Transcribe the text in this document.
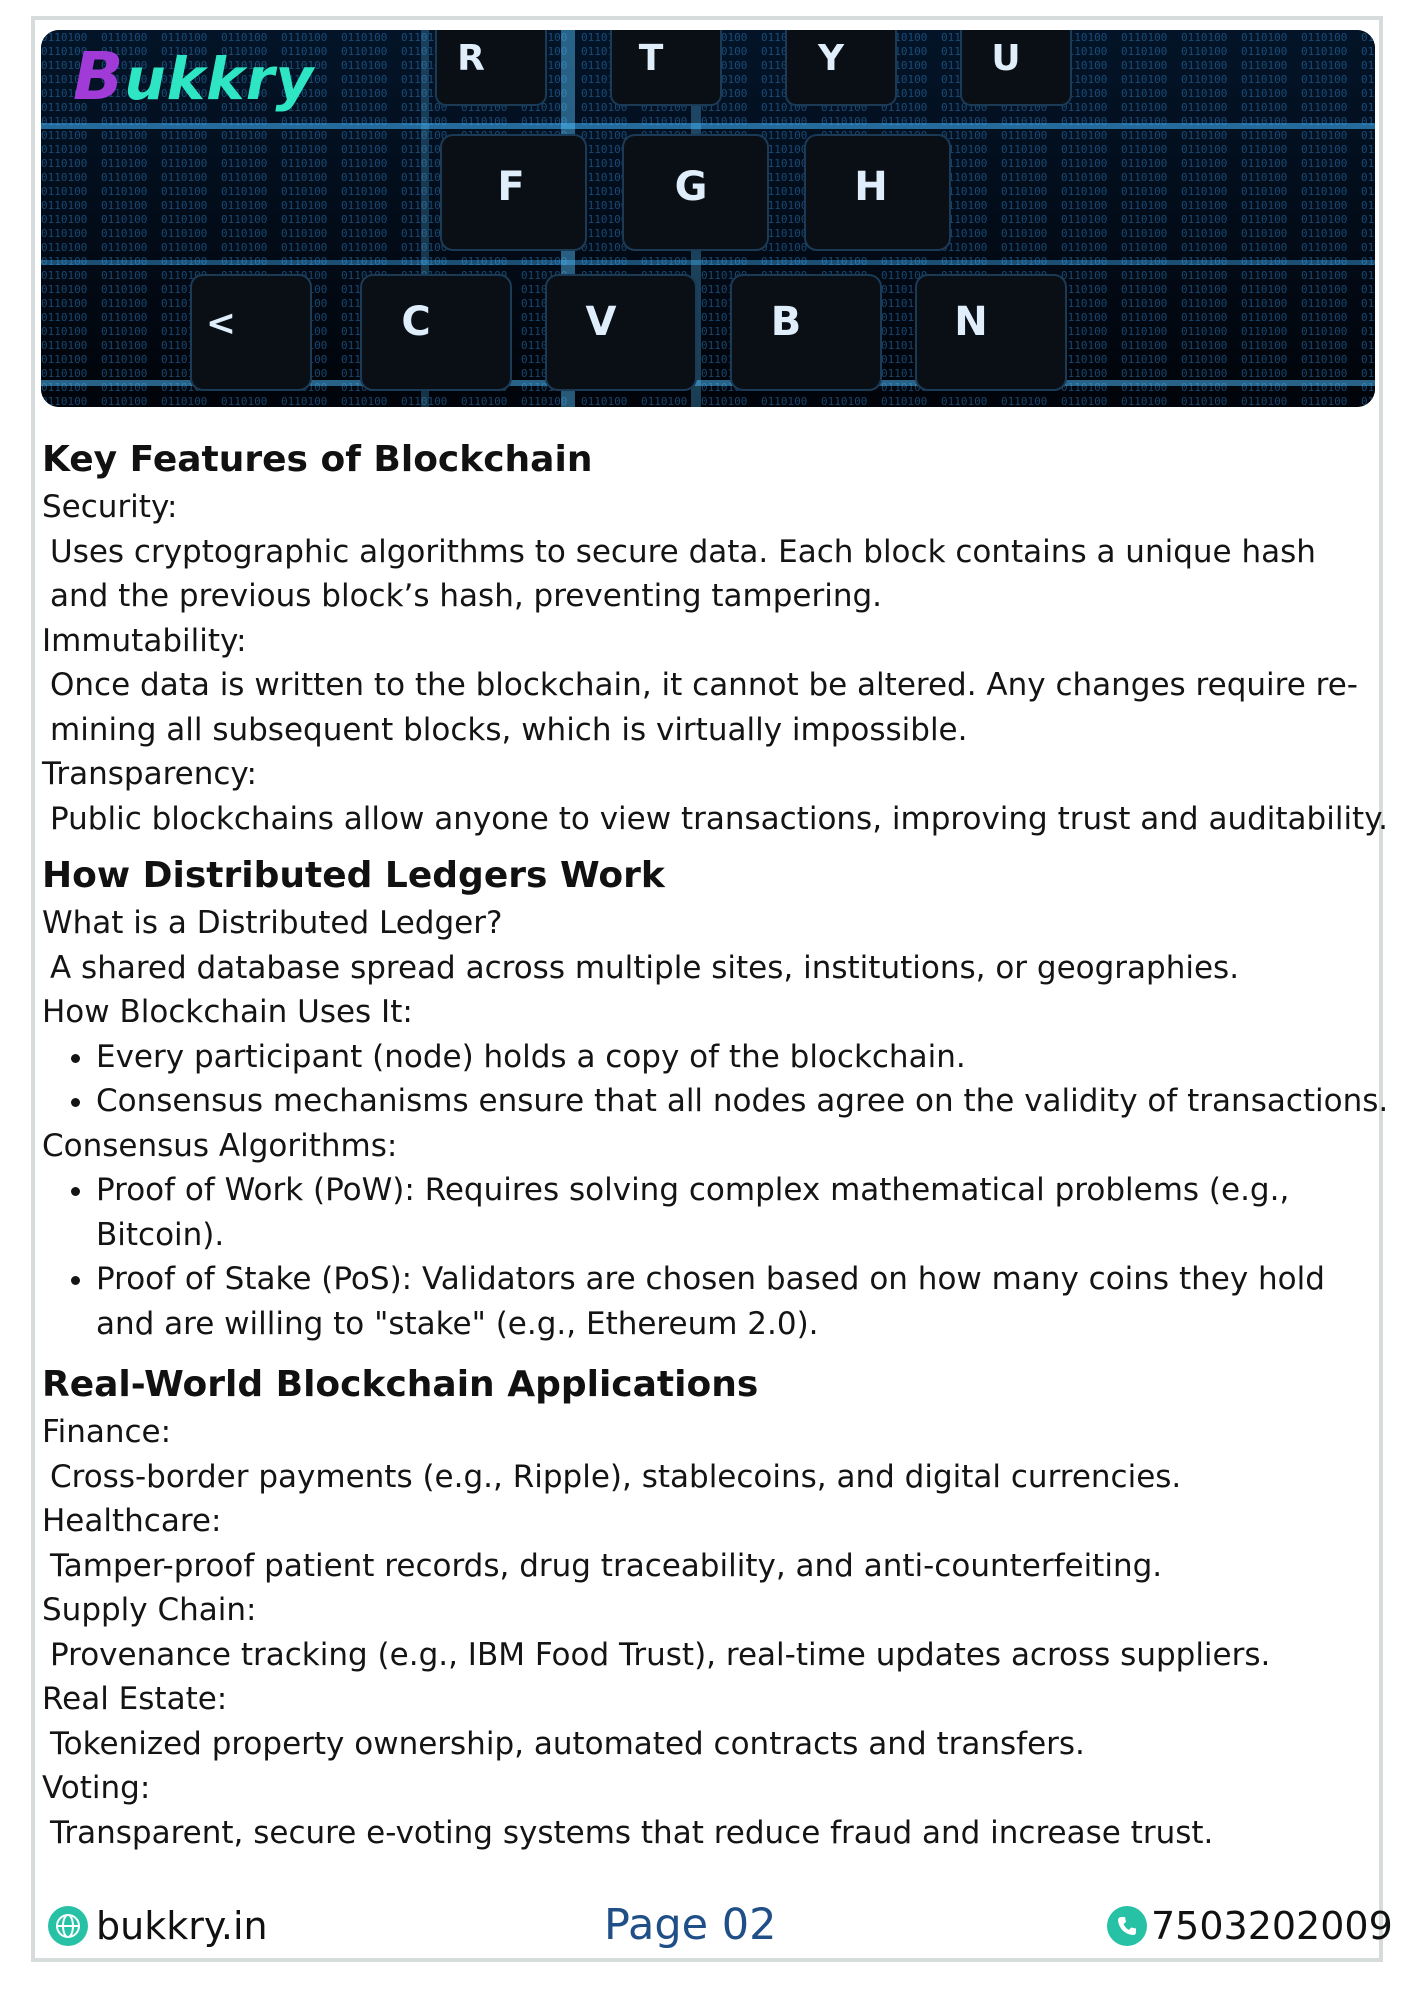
R	T	Y	U
F	G	H
<	C	V	B	N
Bukkry
Key Features of Blockchain
Security:
Uses cryptographic algorithms to secure data. Each block contains a unique hash and the previous block’s hash, preventing tampering.
Immutability:
Once data is written to the blockchain, it cannot be altered. Any changes require re-mining all subsequent blocks, which is virtually impossible.
Transparency:
Public blockchains allow anyone to view transactions, improving trust and auditability.
How Distributed Ledgers Work
What is a Distributed Ledger?
A shared database spread across multiple sites, institutions, or geographies.
How Blockchain Uses It:
• Every participant (node) holds a copy of the blockchain.
• Consensus mechanisms ensure that all nodes agree on the validity of transactions.
Consensus Algorithms:
• Proof of Work (PoW): Requires solving complex mathematical problems (e.g., Bitcoin).
• Proof of Stake (PoS): Validators are chosen based on how many coins they hold and are willing to "stake" (e.g., Ethereum 2.0).
Real-World Blockchain Applications
Finance:
Cross-border payments (e.g., Ripple), stablecoins, and digital currencies.
Healthcare:
Tamper-proof patient records, drug traceability, and anti-counterfeiting.
Supply Chain:
Provenance tracking (e.g., IBM Food Trust), real-time updates across suppliers.
Real Estate:
Tokenized property ownership, automated contracts and transfers.
Voting:
Transparent, secure e-voting systems that reduce fraud and increase trust.
bukkry.in	Page 02	7503202009
